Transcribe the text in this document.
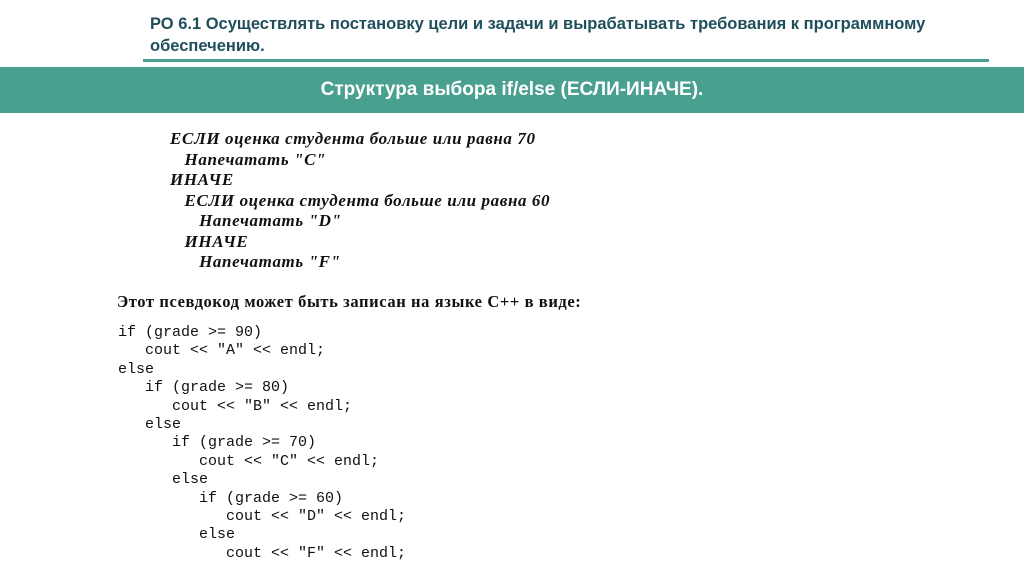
РО 6.1 Осуществлять постановку цели и задачи и вырабатывать требования к программному обеспечению.
Структура выбора if/else (ЕСЛИ-ИНАЧЕ).
ЕСЛИ оценка студента больше или равна 70
Напечатать "C"
ИНАЧЕ
ЕСЛИ оценка студента больше или равна 60
Напечатать "D"
ИНАЧЕ
Напечатать "F"
Этот псевдокод может быть записан на языке С++ в виде:
if (grade >= 90)
cout << "A" << endl;
else
if (grade >= 80)
cout << "B" << endl;
else
if (grade >= 70)
cout << "C" << endl;
else
if (grade >= 60)
cout << "D" << endl;
else
cout << "F" << endl;
